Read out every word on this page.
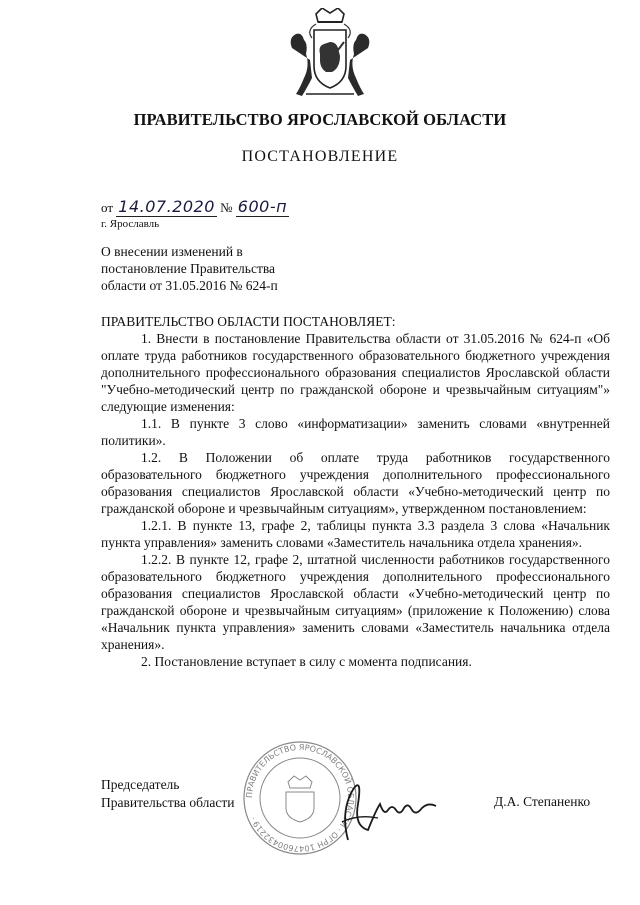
ПРАВИТЕЛЬСТВО ЯРОСЛАВСКОЙ ОБЛАСТИ
ПОСТАНОВЛЕНИЕ
от 14.07.2020 № 600-п
г. Ярославль
О внесении изменений в
постановление Правительства
области от 31.05.2016 № 624-п

ПРАВИТЕЛЬСТВО ОБЛАСТИ ПОСТАНОВЛЯЕТ:

1. Внести в постановление Правительства области от 31.05.2016 № 624-п «Об оплате труда работников государственного образовательного бюджетного учреждения дополнительного профессионального образования специалистов Ярославской области "Учебно-методический центр по гражданской обороне и чрезвычайным ситуациям"» следующие изменения:

1.1. В пункте 3 слово «информатизации» заменить словами «внутренней политики».

1.2. В Положении об оплате труда работников государственного образовательного бюджетного учреждения дополнительного профессионального образования специалистов Ярославской области «Учебно-методический центр по гражданской обороне и чрезвычайным ситуациям», утвержденном постановлением:

1.2.1. В пункте 13, графе 2, таблицы пункта 3.3 раздела 3 слова «Начальник пункта управления» заменить словами «Заместитель начальника отдела хранения».

1.2.2. В пункте 12, графе 2, штатной численности работников государственного образовательного бюджетного учреждения дополнительного профессионального образования специалистов Ярославской области «Учебно-методический центр по гражданской обороне и чрезвычайным ситуациям» (приложение к Положению) слова «Начальник пункта управления» заменить словами «Заместитель начальника отдела хранения».

2. Постановление вступает в силу с момента подписания.

ПРАВИТЕЛЬСТВО ЯРОСЛАВСКОЙ ОБЛАСТИ · ОГРН 1047600432219 ·
Председатель
Правительства области	Д.А. Степаненко
